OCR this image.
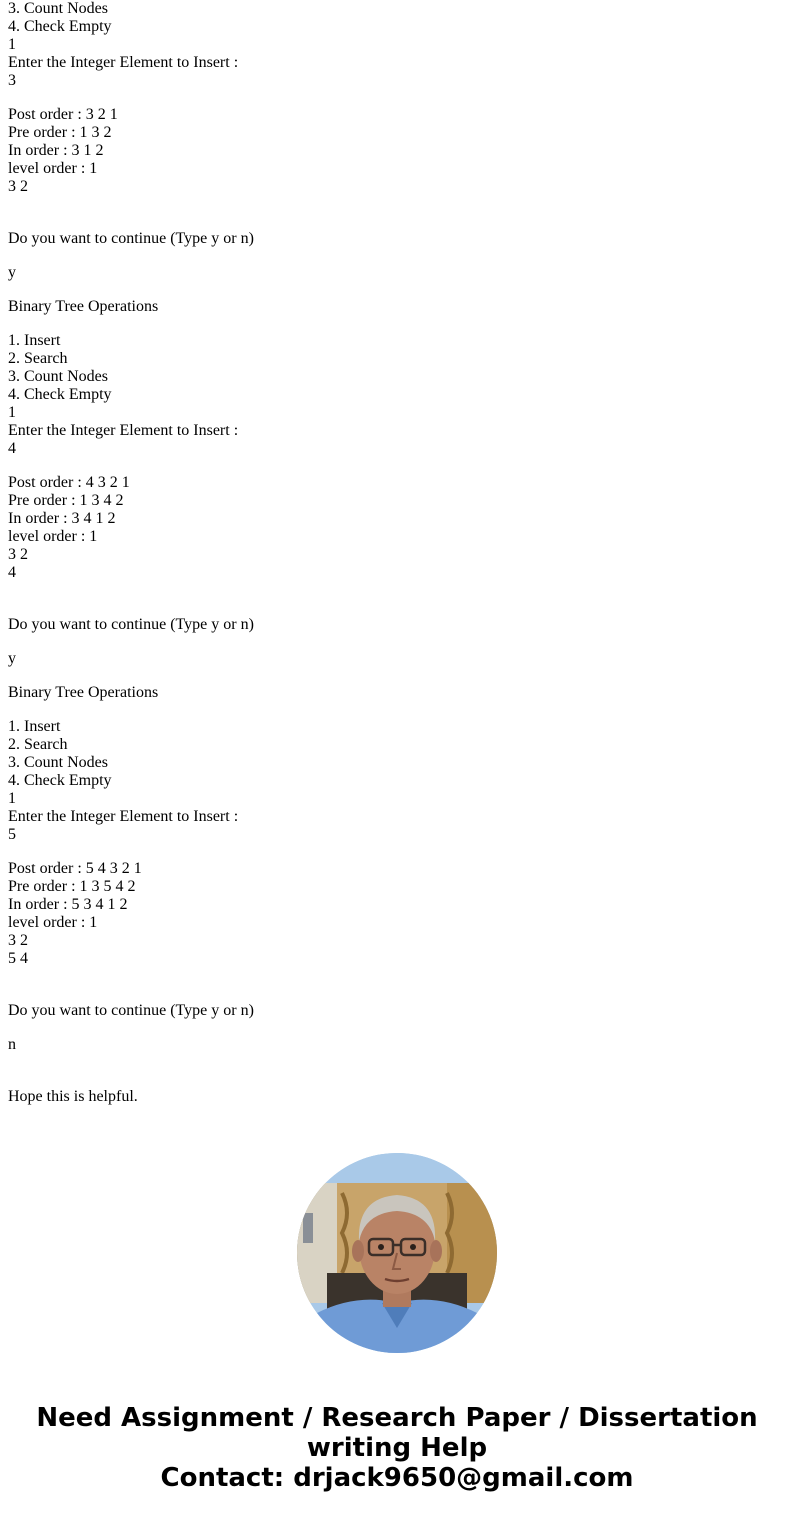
3. Count Nodes
4. Check Empty
1
Enter the Integer Element to Insert :
3
Post order : 3 2 1
Pre order : 1 3 2
In order : 3 1 2
level order : 1
3 2
Do you want to continue (Type y or n)
y
Binary Tree Operations
1. Insert
2. Search
3. Count Nodes
4. Check Empty
1
Enter the Integer Element to Insert :
4
Post order : 4 3 2 1
Pre order : 1 3 4 2
In order : 3 4 1 2
level order : 1
3 2
4
Do you want to continue (Type y or n)
y
Binary Tree Operations
1. Insert
2. Search
3. Count Nodes
4. Check Empty
1
Enter the Integer Element to Insert :
5
Post order : 5 4 3 2 1
Pre order : 1 3 5 4 2
In order : 5 3 4 1 2
level order : 1
3 2
5 4
Do you want to continue (Type y or n)
n
Hope this is helpful.
Need Assignment / Research Paper / Dissertation
writing Help
Contact: drjack9650@gmail.com
